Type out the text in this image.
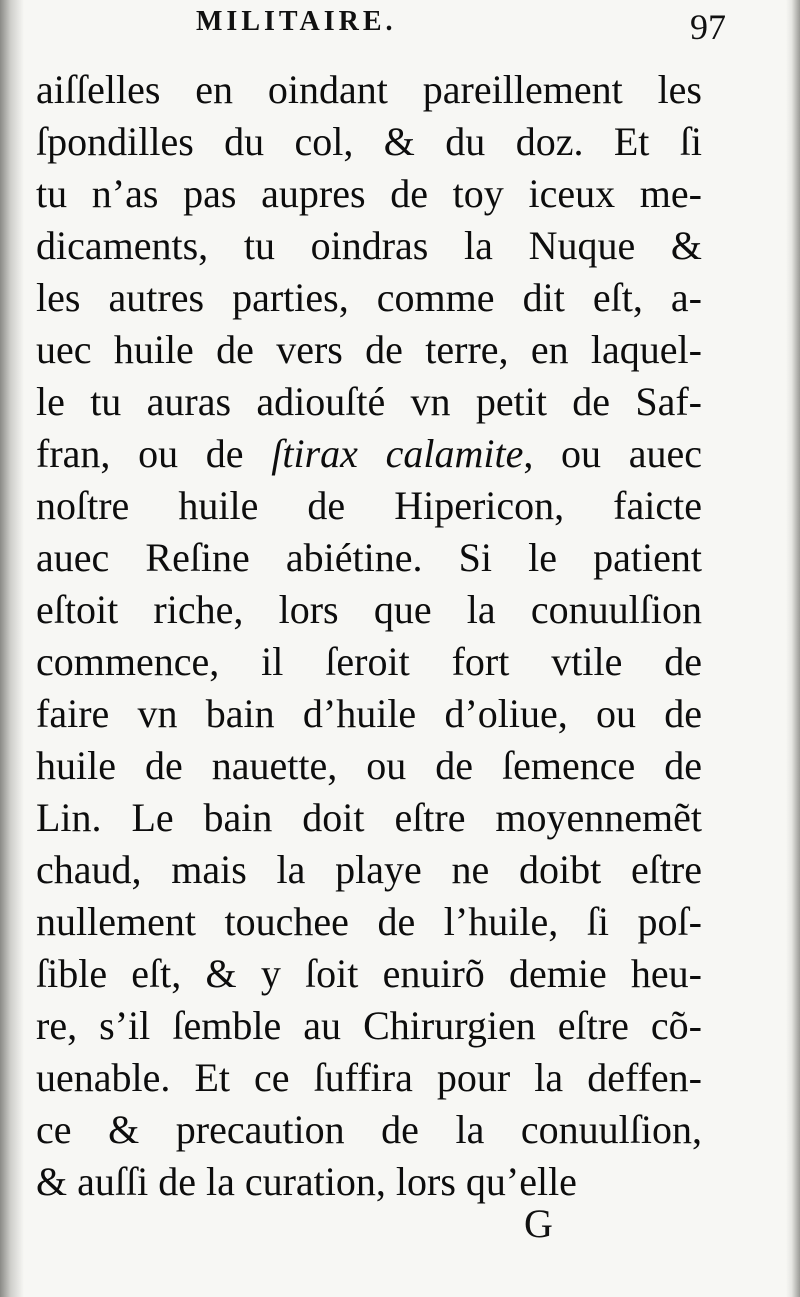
MILITAIRE.	97
aiſſelles en oindant pareillement les
ſpondilles du col, & du doz. Et ſi
tu n’as pas aupres de toy iceux me-
dicaments, tu oindras la Nuque &
les autres parties, comme dit eſt, a-
uec huile de vers de terre, en laquel-
le tu auras adiouſté vn petit de Saf-
fran, ou de ſtirax calamite, ou auec
noſtre huile de Hipericon, faicte
auec Reſine abiétine. Si le patient
eſtoit riche, lors que la conuulſion
commence, il ſeroit fort vtile de
faire vn bain d’huile d’oliue, ou de
huile de nauette, ou de ſemence de
Lin. Le bain doit eſtre moyennemẽt
chaud, mais la playe ne doibt eſtre
nullement touchee de l’huile, ſi poſ-
ſible eſt, & y ſoit enuirõ demie heu-
re, s’il ſemble au Chirurgien eſtre cõ-
uenable. Et ce ſuffira pour la deffen-
ce & precaution de la conuulſion,
& auſſi de la curation, lors qu’elle
G
